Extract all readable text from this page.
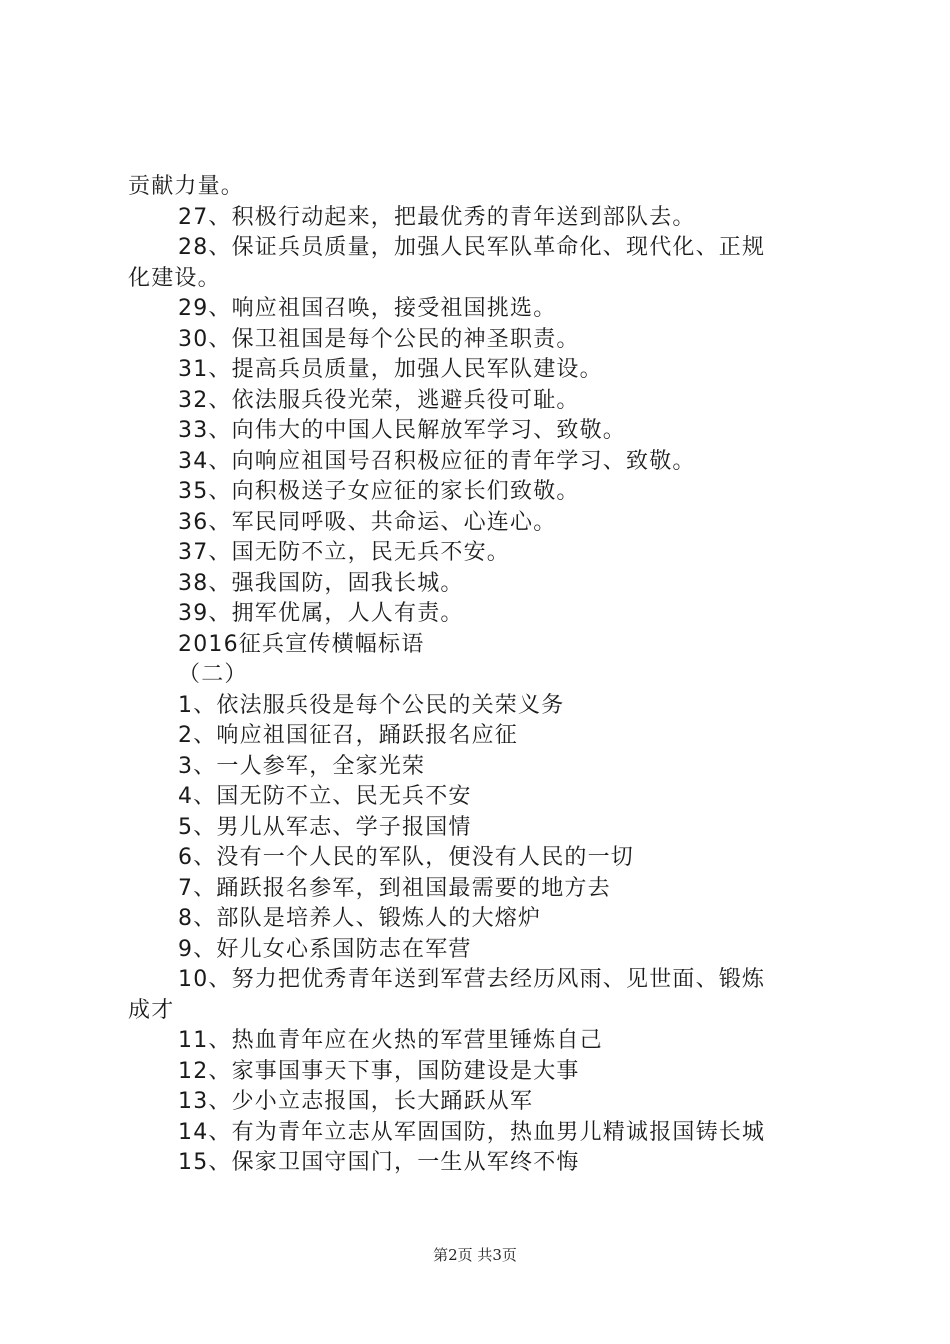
贡献力量。
27、积极行动起来，把最优秀的青年送到部队去。
28、保证兵员质量，加强人民军队革命化、现代化、正规
化建设。
29、响应祖国召唤，接受祖国挑选。
30、保卫祖国是每个公民的神圣职责。
31、提高兵员质量，加强人民军队建设。
32、依法服兵役光荣，逃避兵役可耻。
33、向伟大的中国人民解放军学习、致敬。
34、向响应祖国号召积极应征的青年学习、致敬。
35、向积极送子女应征的家长们致敬。
36、军民同呼吸、共命运、心连心。
37、国无防不立，民无兵不安。
38、强我国防，固我长城。
39、拥军优属，人人有责。
2016征兵宣传横幅标语
（二）
1、依法服兵役是每个公民的关荣义务
2、响应祖国征召，踊跃报名应征
3、一人参军，全家光荣
4、国无防不立、民无兵不安
5、男儿从军志、学子报国情
6、没有一个人民的军队，便没有人民的一切
7、踊跃报名参军，到祖国最需要的地方去
8、部队是培养人、锻炼人的大熔炉
9、好儿女心系国防志在军营
10、努力把优秀青年送到军营去经历风雨、见世面、锻炼
成才
11、热血青年应在火热的军营里锤炼自己
12、家事国事天下事，国防建设是大事
13、少小立志报国，长大踊跃从军
14、有为青年立志从军固国防，热血男儿精诚报国铸长城
15、保家卫国守国门，一生从军终不悔
第2页 共3页
